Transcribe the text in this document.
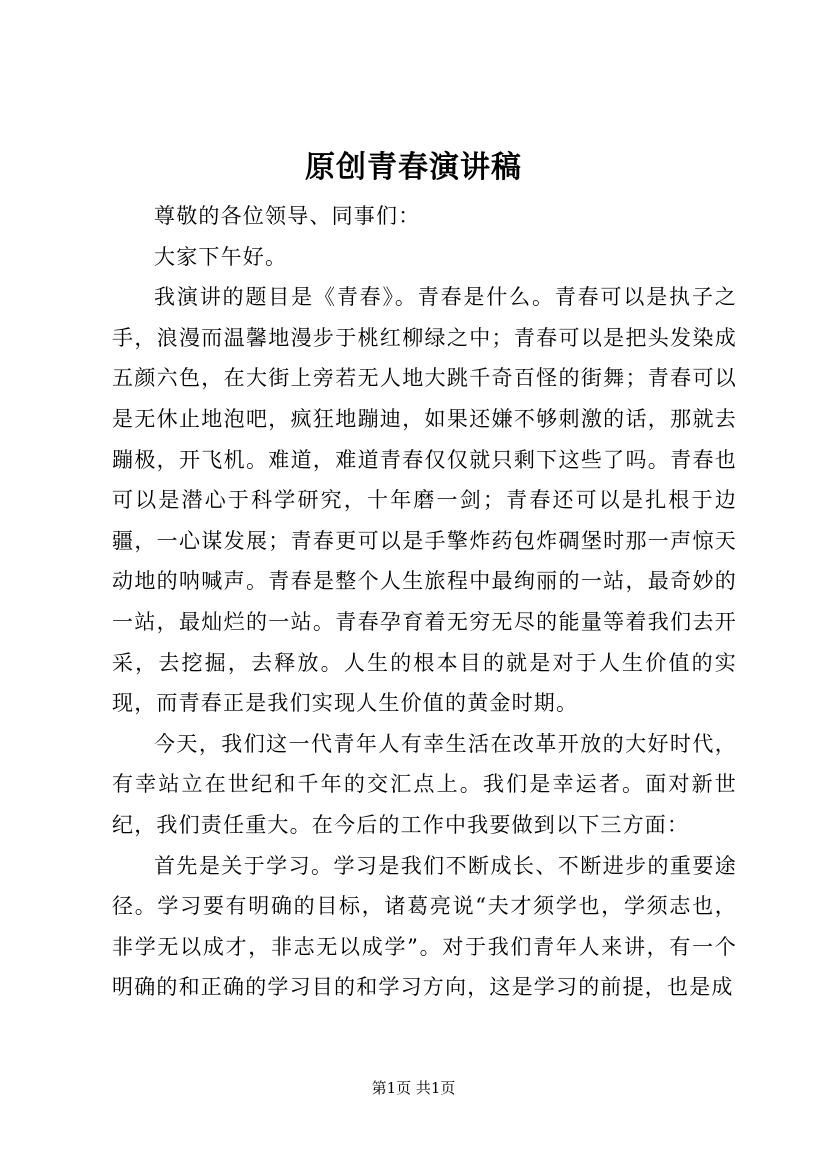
原创青春演讲稿

尊敬的各位领导、同事们：

大家下午好。

我演讲的题目是《青春》。青春是什么。青春可以是执子之手，浪漫而温馨地漫步于桃红柳绿之中；青春可以是把头发染成五颜六色，在大街上旁若无人地大跳千奇百怪的街舞；青春可以是无休止地泡吧，疯狂地蹦迪，如果还嫌不够刺激的话，那就去蹦极，开飞机。难道，难道青春仅仅就只剩下这些了吗。青春也可以是潜心于科学研究，十年磨一剑；青春还可以是扎根于边疆，一心谋发展；青春更可以是手擎炸药包炸碉堡时那一声惊天动地的呐喊声。青春是整个人生旅程中最绚丽的一站，最奇妙的一站，最灿烂的一站。青春孕育着无穷无尽的能量等着我们去开采，去挖掘，去释放。人生的根本目的就是对于人生价值的实现，而青春正是我们实现人生价值的黄金时期。

今天，我们这一代青年人有幸生活在改革开放的大好时代，有幸站立在世纪和千年的交汇点上。我们是幸运者。面对新世纪，我们责任重大。在今后的工作中我要做到以下三方面：

首先是关于学习。学习是我们不断成长、不断进步的重要途径。学习要有明确的目标，诸葛亮说“夫才须学也，学须志也，非学无以成才，非志无以成学”。对于我们青年人来讲，有一个明确的和正确的学习目的和学习方向，这是学习的前提，也是成

第1页 共1页
